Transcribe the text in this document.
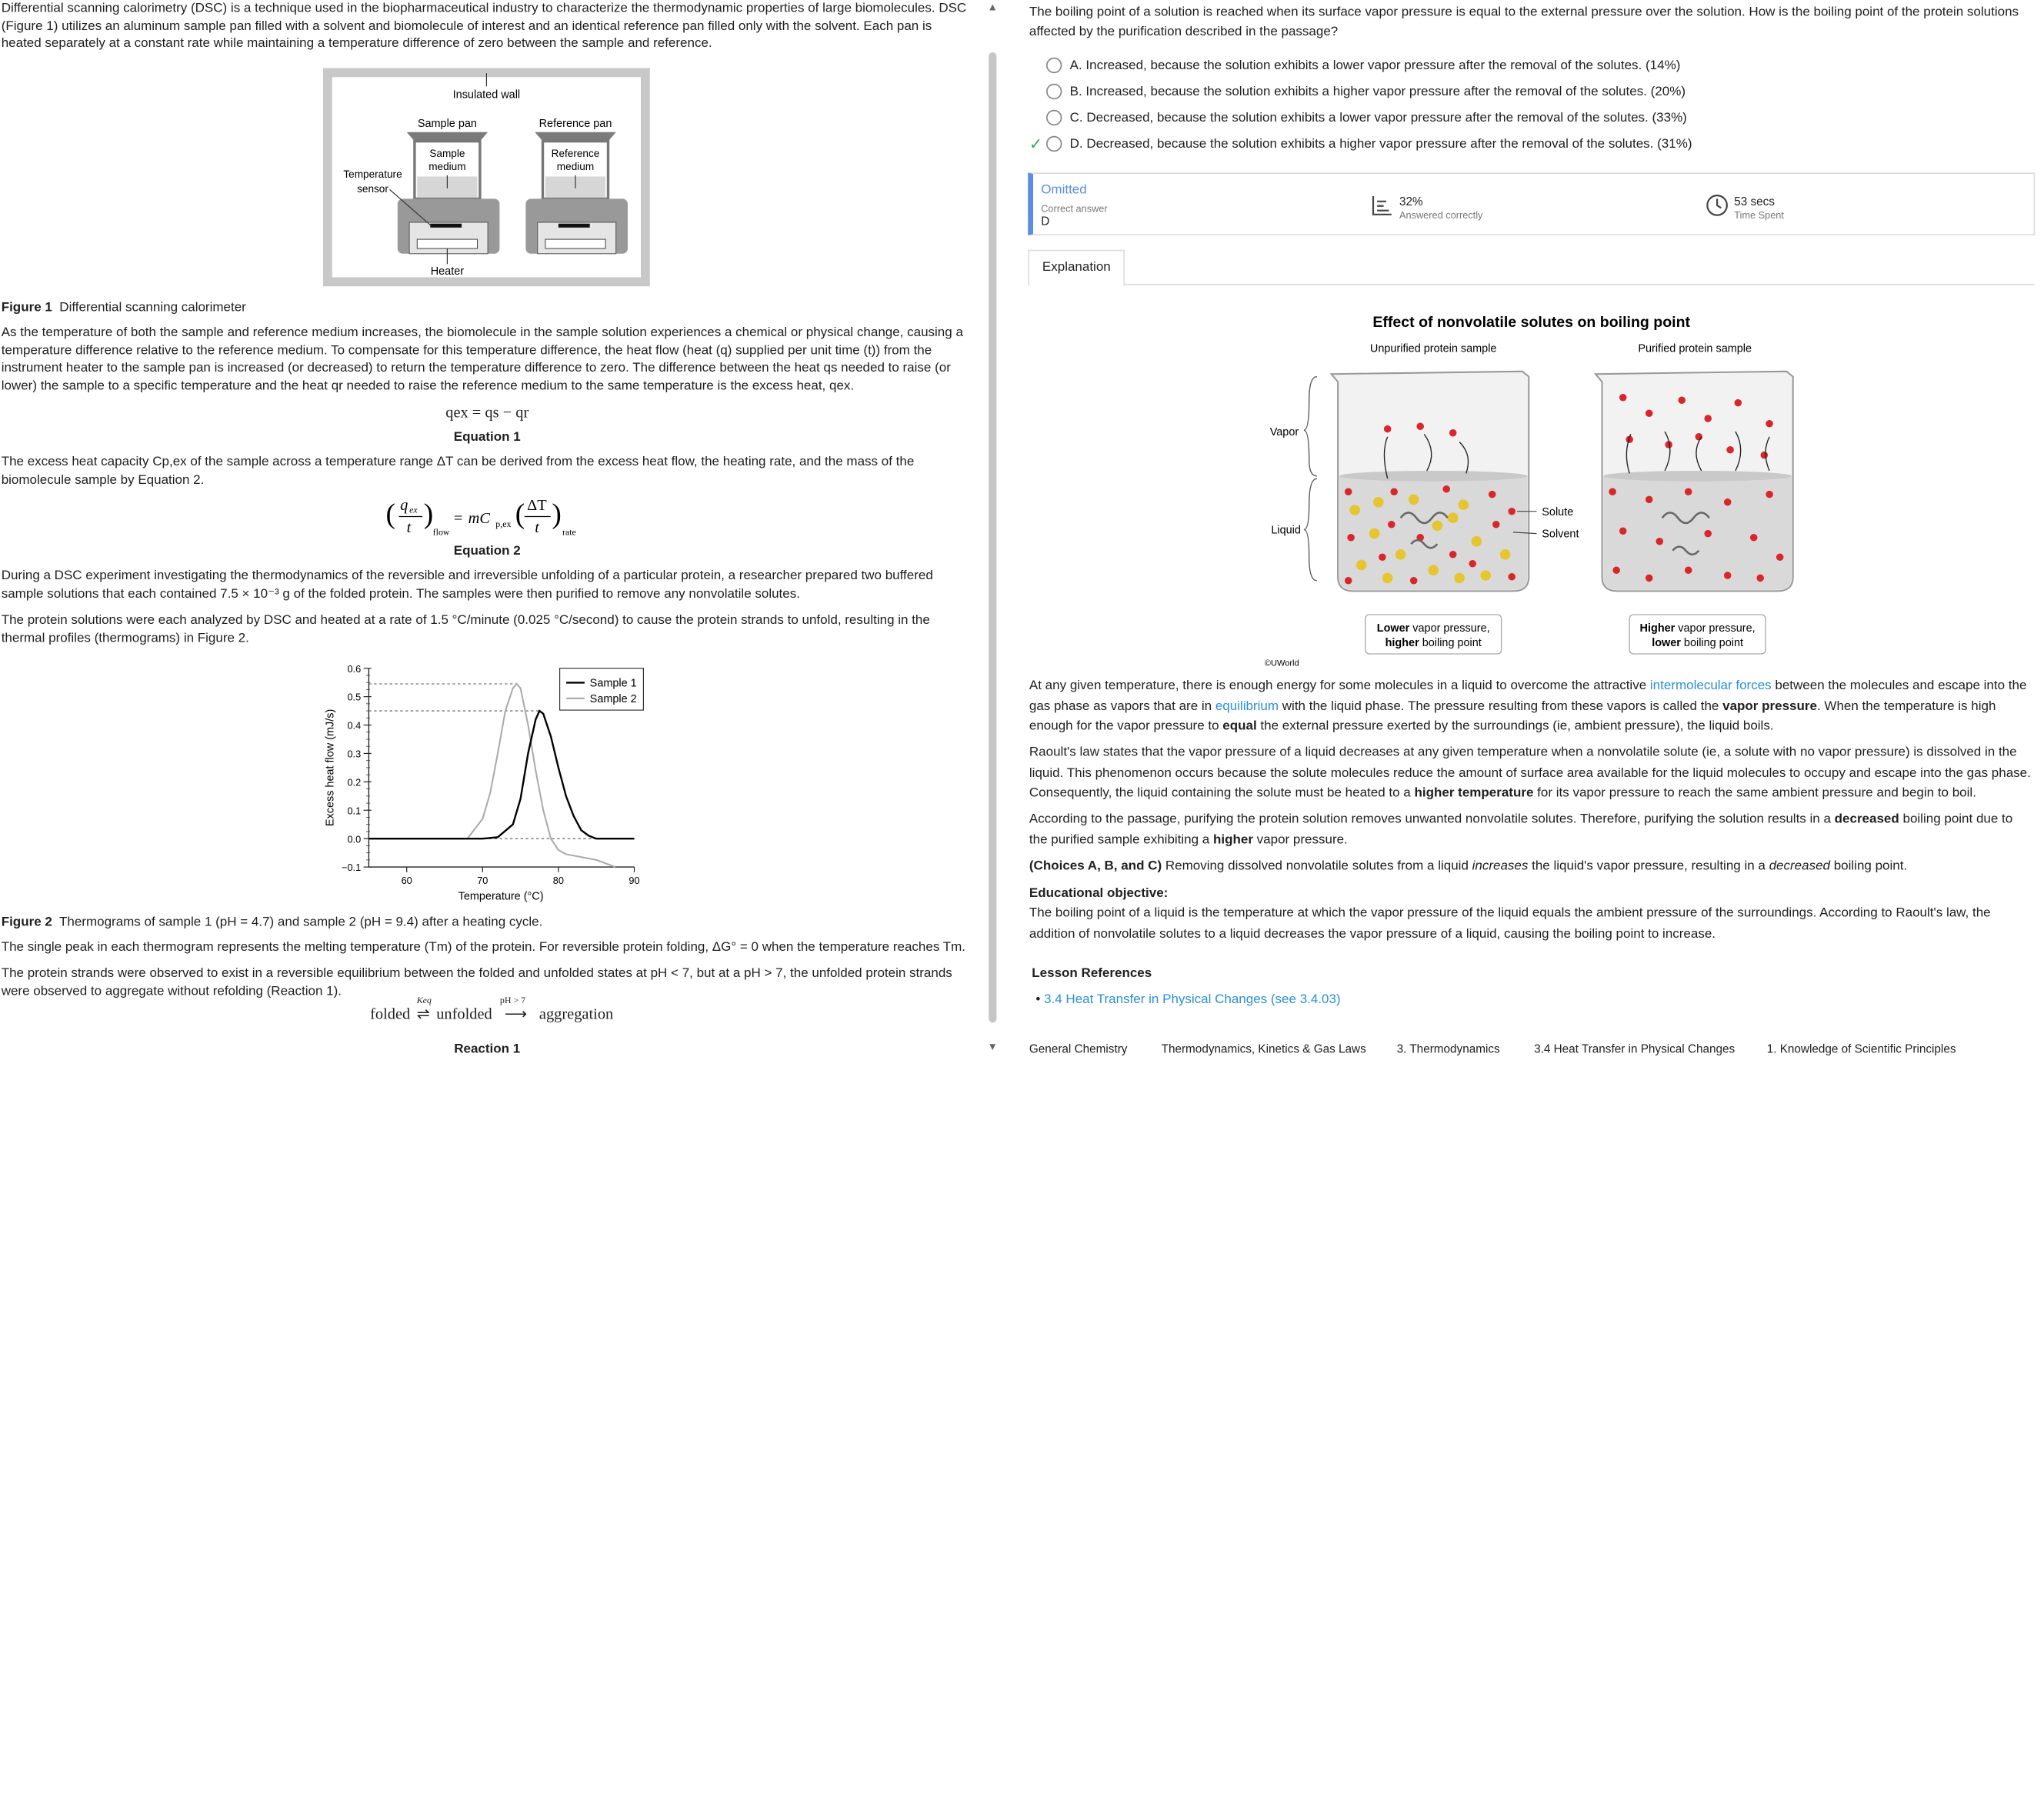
Differential scanning calorimetry (DSC) is a technique used in the biopharmaceutical industry to characterize the thermodynamic properties of large biomolecules. DSC (Figure 1) utilizes an aluminum sample pan filled with a solvent and biomolecule of interest and an identical reference pan filled only with the solvent. Each pan is heated separately at a constant rate while maintaining a temperature difference of zero between the sample and reference.

Insulated wall
Sample pan	Reference pan
Sample
medium
Reference
medium
Temperature
sensor
Heater
Figure 1 Differential scanning calorimeter

As the temperature of both the sample and reference medium increases, the biomolecule in the sample solution experiences a chemical or physical change, causing a temperature difference relative to the reference medium. To compensate for this temperature difference, the heat flow (heat (q) supplied per unit time (t)) from the instrument heater to the sample pan is increased (or decreased) to return the temperature difference to zero. The difference between the heat qs needed to raise (or lower) the sample to a specific temperature and the heat qr needed to raise the reference medium to the same temperature is the excess heat, qex.

qex = qs − qr
Equation 1

The excess heat capacity Cp,ex of the sample across a temperature range ΔT can be derived from the excess heat flow, the heating rate, and the mass of the biomolecule sample by Equation 2.

( q ex
t )
flow
= mC p,ex ( ΔT
t )
rate
Equation 2

During a DSC experiment investigating the thermodynamics of the reversible and irreversible unfolding of a particular protein, a researcher prepared two buffered sample solutions that each contained 7.5 × 10⁻³ g of the folded protein. The samples were then purified to remove any nonvolatile solutes.

The protein solutions were each analyzed by DSC and heated at a rate of 1.5 °C/minute (0.025 °C/second) to cause the protein strands to unfold, resulting in the thermal profiles (thermograms) in Figure 2.

−0.1
0.0
0.1
0.2
0.3
0.4
0.5
0.6
60	70	80	90
Sample 1
Sample 2
Temperature (°C)
Excess heat flow (mJ/s)
Figure 2 Thermograms of sample 1 (pH = 4.7) and sample 2 (pH = 9.4) after a heating cycle.

The single peak in each thermogram represents the melting temperature (Tm) of the protein. For reversible protein folding, ΔG° = 0 when the temperature reaches Tm.

The protein strands were observed to exist in a reversible equilibrium between the folded and unfolded states at pH < 7, but at a pH > 7, the unfolded protein strands were observed to aggregate without refolding (Reaction 1).

folded ⇌
Keq
unfolded ⟶
pH > 7
aggregation
Reaction 1
▲
▼
The boiling point of a solution is reached when its surface vapor pressure is equal to the external pressure over the solution. How is the boiling point of the protein solutions affected by the purification described in the passage?
A. Increased, because the solution exhibits a lower vapor pressure after the removal of the solutes. (14%)
B. Increased, because the solution exhibits a higher vapor pressure after the removal of the solutes. (20%)
C. Decreased, because the solution exhibits a lower vapor pressure after the removal of the solutes. (33%)
✓	D. Decreased, because the solution exhibits a higher vapor pressure after the removal of the solutes. (31%)
Omitted
Correct answer
D
32%
Answered correctly
53 secs
Time Spent
Explanation
Effect of nonvolatile solutes on boiling point
Unpurified protein sample	Purified protein sample
Vapor
Liquid
Solute
Solvent
Lower vapor pressure,
higher boiling point
Higher vapor pressure,
lower boiling point
©UWorld
At any given temperature, there is enough energy for some molecules in a liquid to overcome the attractive intermolecular forces between the molecules and escape into the gas phase as vapors that are in equilibrium with the liquid phase. The pressure resulting from these vapors is called the vapor pressure. When the temperature is high enough for the vapor pressure to equal the external pressure exerted by the surroundings (ie, ambient pressure), the liquid boils.
Raoult's law states that the vapor pressure of a liquid decreases at any given temperature when a nonvolatile solute (ie, a solute with no vapor pressure) is dissolved in the liquid. This phenomenon occurs because the solute molecules reduce the amount of surface area available for the liquid molecules to occupy and escape into the gas phase. Consequently, the liquid containing the solute must be heated to a higher temperature for its vapor pressure to reach the same ambient pressure and begin to boil.
According to the passage, purifying the protein solution removes unwanted nonvolatile solutes. Therefore, purifying the solution results in a decreased boiling point due to the purified sample exhibiting a higher vapor pressure.
(Choices A, B, and C) Removing dissolved nonvolatile solutes from a liquid increases the liquid's vapor pressure, resulting in a decreased boiling point.
Educational objective:
The boiling point of a liquid is the temperature at which the vapor pressure of the liquid equals the ambient pressure of the surroundings. According to Raoult's law, the addition of nonvolatile solutes to a liquid decreases the vapor pressure of a liquid, causing the boiling point to increase.
Lesson References
• 3.4 Heat Transfer in Physical Changes (see 3.4.03)
General Chemistry	Thermodynamics, Kinetics & Gas Laws	3. Thermodynamics	3.4 Heat Transfer in Physical Changes	1. Knowledge of Scientific Principles
